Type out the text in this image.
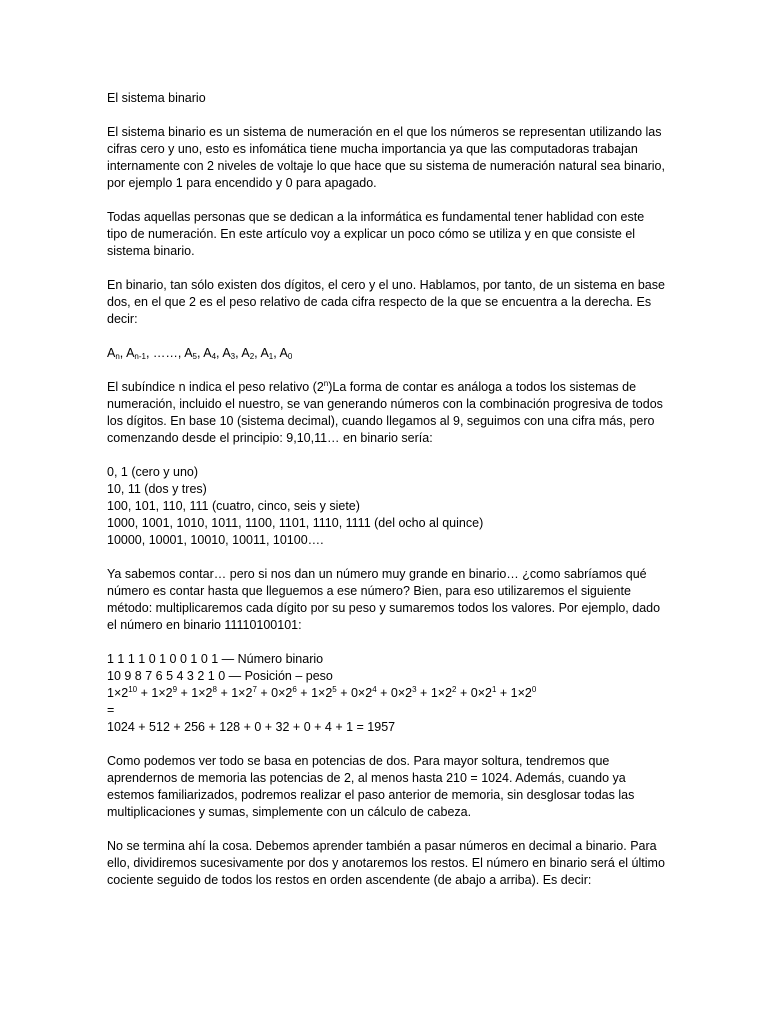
El sistema binario

El sistema binario es un sistema de numeración en el que los números se representan utilizando las cifras cero y uno, esto es infomática tiene mucha importancia ya que las computadoras trabajan internamente con 2 niveles de voltaje lo que hace que su sistema de numeración natural sea binario, por ejemplo 1 para encendido y 0 para apagado.

Todas aquellas personas que se dedican a la informática es fundamental tener hablidad con este tipo de numeración. En este artículo voy a explicar un poco cómo se utiliza y en que consiste el sistema binario.

En binario, tan sólo existen dos dígitos, el cero y el uno. Hablamos, por tanto, de un sistema en base dos, en el que 2 es el peso relativo de cada cifra respecto de la que se encuentra a la derecha. Es decir:

$A_n$, $A_{n-1}$, ……, $A_5$, $A_4$, $A_3$, $A_2$, $A_1$, $A_0$

El subíndice n indica el peso relativo (2$^n$)La forma de contar es análoga a todos los sistemas de numeración, incluido el nuestro, se van generando números con la combinación progresiva de todos los dígitos. En base 10 (sistema decimal), cuando llegamos al 9, seguimos con una cifra más, pero comenzando desde el principio: 9,10,11… en binario sería:

0, 1 (cero y uno)
10, 11 (dos y tres)
100, 101, 110, 111 (cuatro, cinco, seis y siete)
1000, 1001, 1010, 1011, 1100, 1101, 1110, 1111 (del ocho al quince)
10000, 10001, 10010, 10011, 10100….

Ya sabemos contar… pero si nos dan un número muy grande en binario… ¿como sabríamos qué número es contar hasta que lleguemos a ese número? Bien, para eso utilizaremos el siguiente método: multiplicaremos cada dígito por su peso y sumaremos todos los valores. Por ejemplo, dado el número en binario 11110100101:

1 1 1 1 0 1 0 0 1 0 1 — Número binario
10 9 8 7 6 5 4 3 2 1 0 — Posición – peso
$1\times 2^{10} + 1\times 2^9 + 1\times 2^8 + 1\times 2^7 + 0\times 2^6 + 1\times 2^5 + 0\times 2^4 + 0\times 2^3 + 1\times 2^2 + 0\times 2^1 + 1\times 2^0$
=
1024 + 512 + 256 + 128 + 0 + 32 + 0 + 4 + 1 = 1957

Como podemos ver todo se basa en potencias de dos. Para mayor soltura, tendremos que aprendernos de memoria las potencias de 2, al menos hasta 210 = 1024. Además, cuando ya estemos familiarizados, podremos realizar el paso anterior de memoria, sin desglosar todas las multiplicaciones y sumas, simplemente con un cálculo de cabeza.

No se termina ahí la cosa. Debemos aprender también a pasar números en decimal a binario. Para ello, dividiremos sucesivamente por dos y anotaremos los restos. El número en binario será el último cociente seguido de todos los restos en orden ascendente (de abajo a arriba). Es decir:
